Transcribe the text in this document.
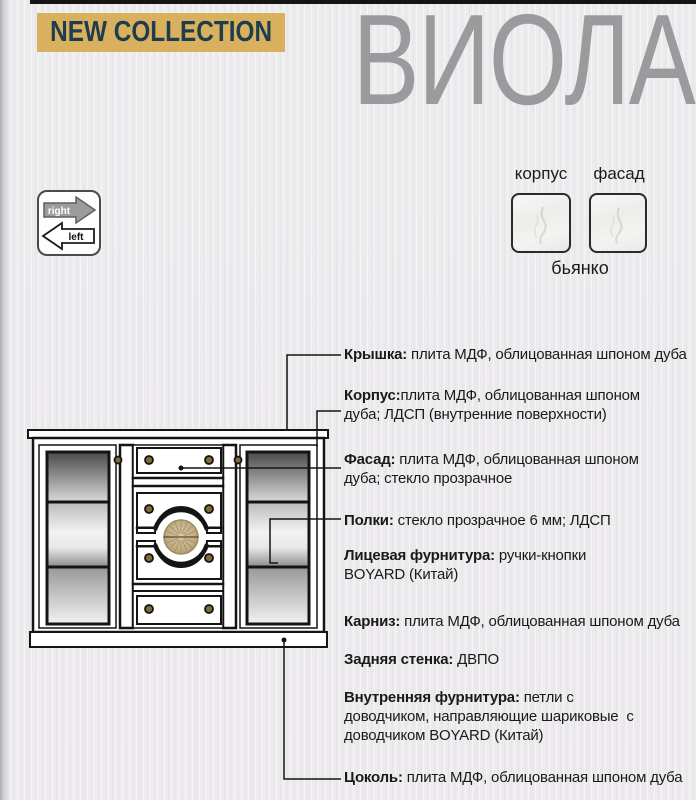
NEW COLLECTION ВИОЛА
right
left
корпус фасад
бьянко
Крышка: плита МДФ, облицованная шпоном дуба
Корпус:плита МДФ, облицованная шпоном дуба; ЛДСП (внутренние поверхности)
Фасад: плита МДФ, облицованная шпоном дуба; стекло прозрачное
Полки: стекло прозрачное 6 мм; ЛДСП
Лицевая фурнитура: ручки-кнопки BOYARD (Китай)
Карниз: плита МДФ, облицованная шпоном дуба
Задняя стенка: ДВПО
Внутренняя фурнитура: петли с доводчиком, направляющие шариковые  с доводчиком BOYARD (Китай)
Цоколь: плита МДФ, облицованная шпоном дуба
